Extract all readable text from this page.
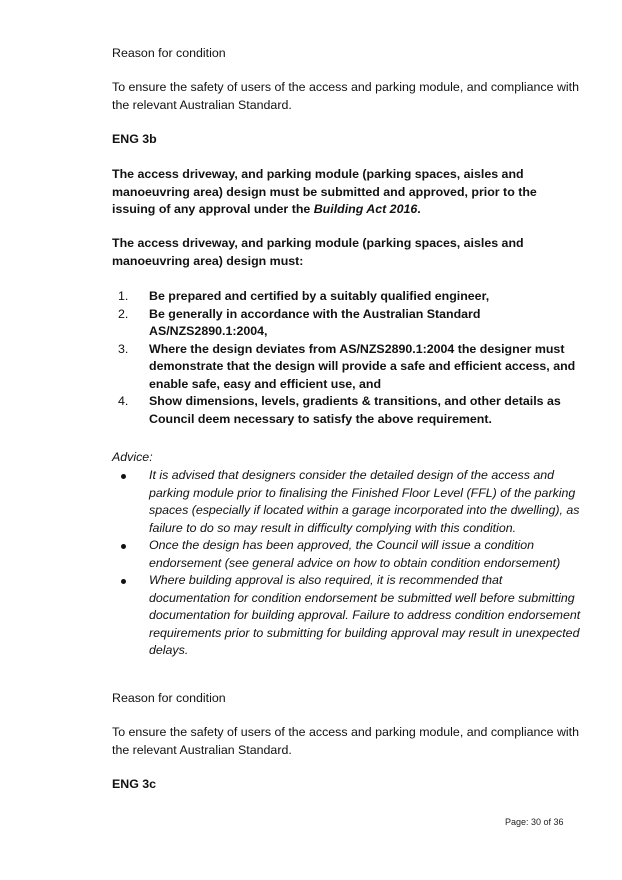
Reason for condition

To ensure the safety of users of the access and parking module, and compliance with the relevant Australian Standard.

ENG 3b

The access driveway, and parking module (parking spaces, aisles and manoeuvring area) design must be submitted and approved, prior to the issuing of any approval under the Building Act 2016.

The access driveway, and parking module (parking spaces, aisles and manoeuvring area) design must:

1. Be prepared and certified by a suitably qualified engineer,
2. Be generally in accordance with the Australian Standard AS/NZS2890.1:2004,
3. Where the design deviates from AS/NZS2890.1:2004 the designer must demonstrate that the design will provide a safe and efficient access, and enable safe, easy and efficient use, and
4. Show dimensions, levels, gradients & transitions, and other details as Council deem necessary to satisfy the above requirement.

Advice:

It is advised that designers consider the detailed design of the access and parking module prior to finalising the Finished Floor Level (FFL) of the parking spaces (especially if located within a garage incorporated into the dwelling), as failure to do so may result in difficulty complying with this condition.
Once the design has been approved, the Council will issue a condition endorsement (see general advice on how to obtain condition endorsement)
Where building approval is also required, it is recommended that documentation for condition endorsement be submitted well before submitting documentation for building approval. Failure to address condition endorsement requirements prior to submitting for building approval may result in unexpected delays.

Reason for condition

To ensure the safety of users of the access and parking module, and compliance with the relevant Australian Standard.

ENG 3c

Page: 30 of 36
